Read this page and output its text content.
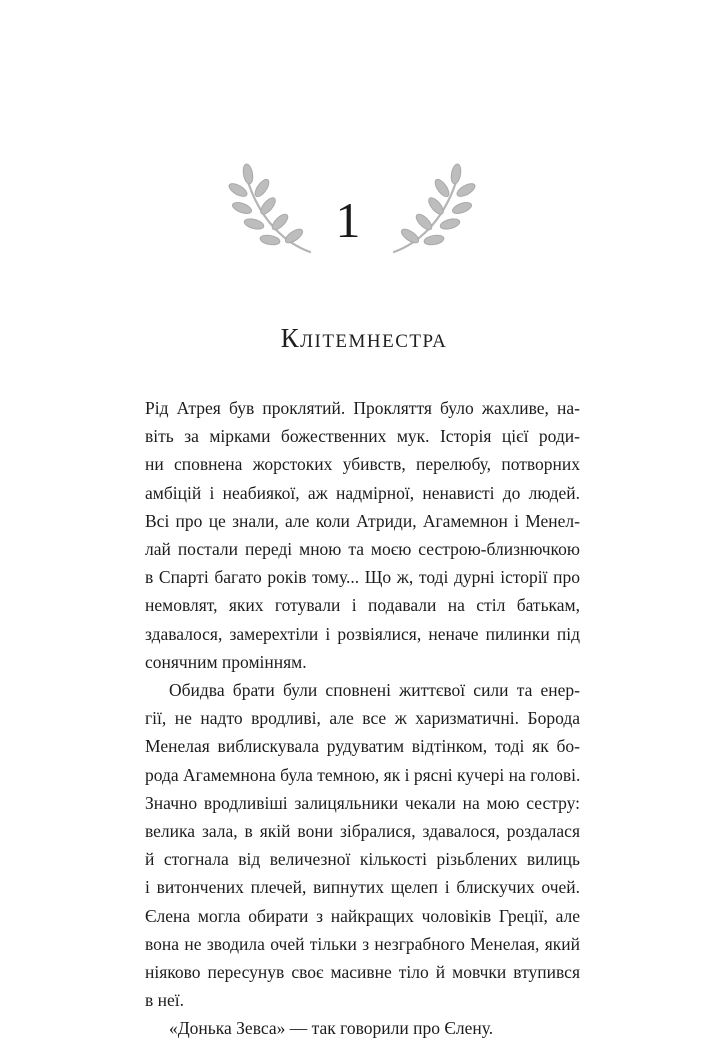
1
Клітемнестра

Рід Атрея був проклятий. Прокляття було жахливе, на-
віть за мірками божественних мук. Історія цієї роди-
ни сповнена жорстоких убивств, перелюбу, потворних
амбіцій і неабиякої, аж надмірної, ненависті до людей.
Всі про це знали, але коли Атриди, Агамемнон і Менел-
лай постали переді мною та моєю сестрою-близнючкою
в Спарті багато років тому... Що ж, тоді дурні історії про
немовлят, яких готували і подавали на стіл батькам,
здавалося, замерехтіли і розвіялися, неначе пилинки під
сонячним промінням.

Обидва брати були сповнені життєвої сили та енер-
гії, не надто вродливі, але все ж харизматичні. Борода
Менелая виблискувала рудуватим відтінком, тоді як бо-
рода Агамемнона була темною, як і рясні кучері на голові.
Значно вродливіші залицяльники чекали на мою сестру:
велика зала, в якій вони зібралися, здавалося, роздалася
й стогнала від величезної кількості різьблених вилиць
і витончених плечей, випнутих щелеп і блискучих очей.
Єлена могла обирати з найкращих чоловіків Греції, але
вона не зводила очей тільки з незграбного Менелая, який
ніяково пересунув своє масивне тіло й мовчки втупився
в неї.

«Донька Зевса» — так говорили про Єлену.
